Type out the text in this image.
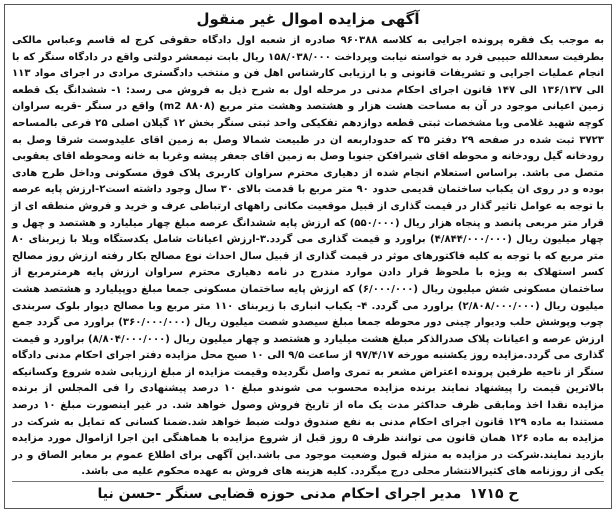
آگهی مزایده اموال غیر منقول

به موجب یک فقره پرونده اجرایی به کلاسه ۹۶۰۳۸۸ صادره از شعبه اول دادگاه حقوقی کرج له قاسم وعباس مالکی بطرفیت سعدالله حبیبی فرد به خواسته نیابت وپرداخت ۱۵۸/۰۳۸/۰۰۰ ریال بابت نیمعشر دولتی واقع در دادگاه سنگر که با انجام عملیات اجرایی و تشریفات قانونی و با ارزیابی کارشناس اهل فن و منتخب دادگستری مرادی در اجرای مواد ۱۱۳ الی ۱۳۶/۱۳۷ الی ۱۴۷ قانون اجرای احکام مدنی در مرحله اول به شرح ذیل به فروش می رسد: ۱- ششدانگ یک قطعه زمین اعیانی موجود در آن به مساحت هشت هزار و هشتصد وهشت متر مربع (۸۸۰۸ m2) واقع در سنگر -قریه سراوان کوچه شهید غلامی وبا مشخصات ثبتی قطعه دوازدهم تفکیکی واحد ثبتی سنگر بخش ۱۲ گیلان اصلی ۲۵ فرعی بالمساحه ۳۷۲۳ ثبت شده در صفحه ۲۹ دفتر ۳۵ که حدوداربعه ان در طبیعت شمالا وصل به زمین اقای علیدوست شرقا وصل به رودخانه گیل رودخانه و محوطه اقای شیرافکن جنوبا وصل به زمین اقای جعفر پیشه وغربا به خانه ومحوطه اقای یعقوبی متصل می باشد. براساس استعلام انجام شده از دهیاری محترم سراوان کاربری پلاک فوق مسکونی وداخل طرح هادی بوده و در روی ان یکباب ساختمان قدیمی حدود ۹۰ متر مربع با قدمت بالای ۳۰ سال وجود داشته است۲-ارزش پایه عرصه با توجه به عوامل تاثیر گذار در قیمت گذاری از قبیل موقعیت مکانی راههای ارتباطی عرف و خرید و فروش منطقه ای از قرار متر مربعی پانصد و پنجاه هزار ریال (۵۵۰/۰۰۰) که ارزش پایه ششدانگ عرصه مبلغ چهار میلیارد و هشتصد و چهل و چهار میلیون ریال (۴/۸۴۴/۰۰۰/۰۰۰) براورد و قیمت گذاری می گردد.۳-ارزش اعیانات شامل یکدستگاه ویلا با زیربنای ۸۰ متر مربع که با توجه به کلیه فاکتورهای موثر در قیمت گذاری از قبیل سال احداث نوع مصالح بکار رفته ارزش روز مصالح کسر استهلاک به ویژه با ملحوظ قرار دادن موارد مندرج در نامه دهیاری محترم سراوان ارزش پایه هرمترمربع از ساختمان مسکونی شش میلیون ریال (۶/۰۰۰/۰۰۰) که ارزش پایه ساختمان مسکونی جمعا مبلغ دوپیلیارد و هشتصد هشت میلیون ریال (۲/۸۰۸/۰۰۰/۰۰۰) براورد می گردد. ۴- یکباب انباری با زیربنای ۱۱۰ متر مربع وبا مصالح دیوار بلوک سربندی چوب وپوشش حلب ودیوار چینی دور محوطه جمعا مبلغ سیصدو شصت میلیون ریال (۳۶۰/۰۰۰/۰۰۰) براورد می گردد جمع ارزش عرصه و اعیانات پلاک صدرالذکر مبلغ هشت میلیارد و هشتصد و چهار میلیون ریال (۸/۸۰۴/۰۰۰/۰۰۰) براورد و قیمت گذاری می گردد.مزایده روز یکشنبه مورخه ۹۷/۴/۱۷ از ساعت ۹/۵ الی ۱۰ صبح محل مزایده دفتر اجرای احکام مدنی دادگاه سنگر از ناحیه طرفین پرونده اعتراض مشعر به تمری واصل نگردیده وقیمت مزایده از مبلغ ارزیابی شده شروع وکسانیکه بالاترین قیمت را پیشنهاد نمایند برنده مزایده محسوب می شوندو مبلغ ۱۰ درصد پیشنهادی را فی المجلس از برنده مزایده نقدا اخذ ومابقی ظرف حداکثر مدت یک ماه از تاریخ فروش وصول خواهد شد. در غیر اینصورت مبلغ ۱۰ درصد مستندا به ماده ۱۲۹ قانون اجرای احکام مدنی به نفع صندوق دولت ضبط خواهد شد.ضمنا کسانی که تمایل به شرکت در مزایده به ماده ۱۲۶ همان قانون می توانند ظرف ۵ روز قبل از شروع مزایده با هماهنگی این اجرا ازاموال مورد مزایده بازدید نمایند.شرکت در مزایده به منزله قبول وضعیت موجود می باشد.این آگهی برای اطلاع عموم بر معابر الصاق و در یکی از روزنامه های کثیرالانتشار محلی درج میگردد. کلیه هزینه های فروش به عهده محکوم علیه می باشد.

ح ۱۷۱۵
مدیر اجرای احکام مدنی حوزه قضایی سنگر -حسن نیا
